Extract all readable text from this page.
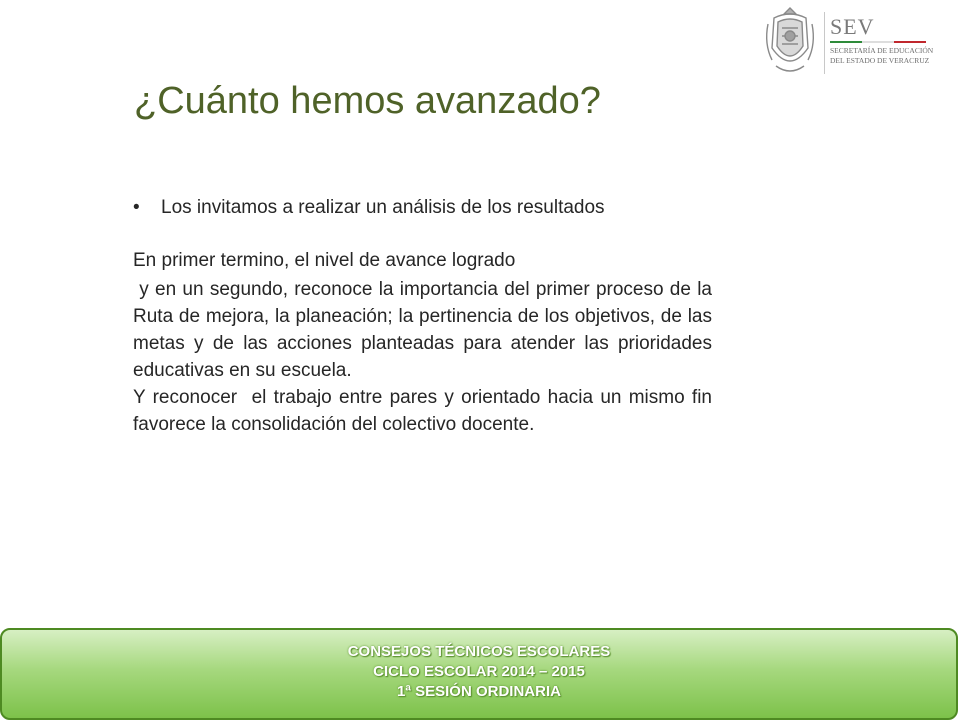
SEV
SECRETARÍA DE EDUCACIÓN
DEL ESTADO DE VERACRUZ
¿Cuánto hemos avanzado?
•	Los invitamos a realizar un análisis de los resultados

En primer termino, el nivel de avance logrado

y en un segundo, reconoce la importancia del primer proceso de la Ruta de mejora, la planeación; la pertinencia de los objetivos, de las metas y de las acciones planteadas para atender las prioridades educativas en su escuela.

Y reconocer  el trabajo entre pares y orientado hacia un mismo fin favorece la consolidación del colectivo docente.

CONSEJOS TÉCNICOS ESCOLARES
CICLO ESCOLAR 2014 – 2015
1ª SESIÓN ORDINARIA
